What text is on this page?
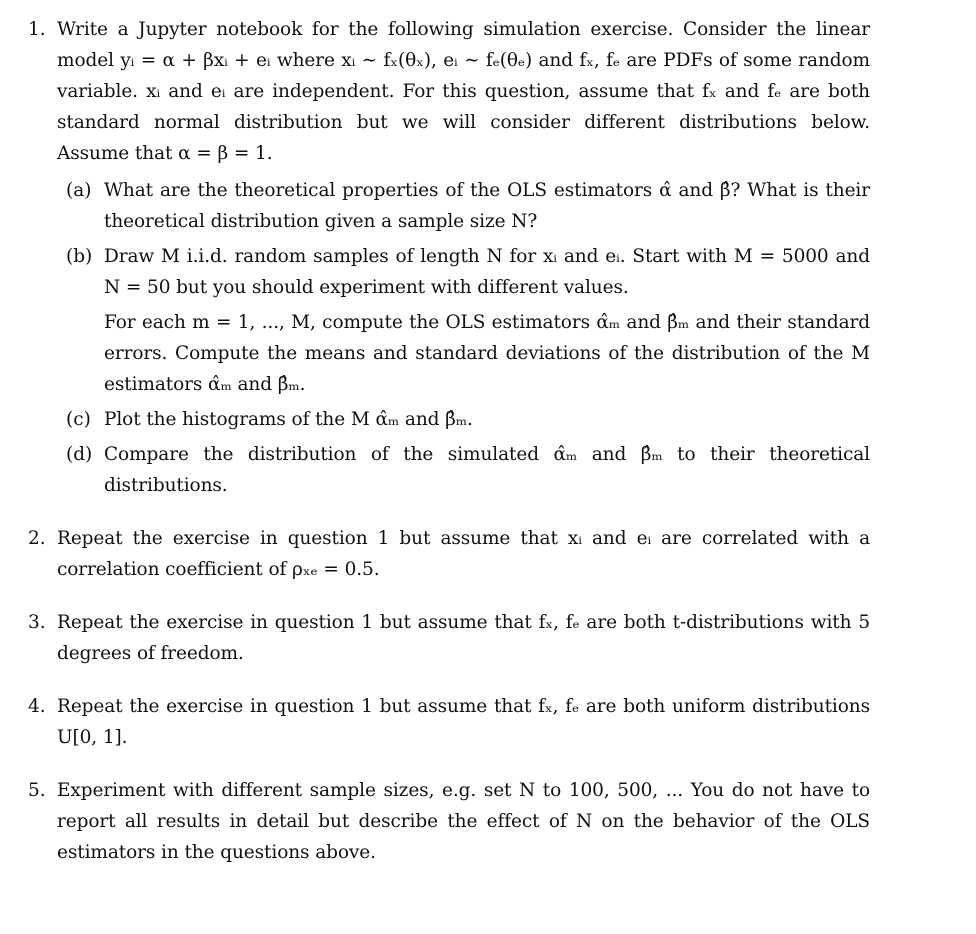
1. Write a Jupyter notebook for the following simulation exercise. Consider the linear model yᵢ = α + βxᵢ + eᵢ where xᵢ ∼ fₓ(θₓ), eᵢ ∼ fₑ(θₑ) and fₓ, fₑ are PDFs of some random variable. xᵢ and eᵢ are independent. For this question, assume that fₓ and fₑ are both standard normal distribution but we will consider different distributions below. Assume that α = β = 1.
(a) What are the theoretical properties of the OLS estimators α̂ and β̂? What is their theoretical distribution given a sample size N?

(b) Draw M i.i.d. random samples of length N for xᵢ and eᵢ. Start with M = 5000 and N = 50 but you should experiment with different values.

For each m = 1, ..., M, compute the OLS estimators α̂ₘ and β̂ₘ and their standard errors. Compute the means and standard deviations of the distribution of the M estimators α̂ₘ and β̂ₘ.

(c) Plot the histograms of the M α̂ₘ and β̂ₘ.

(d) Compare the distribution of the simulated α̂ₘ and β̂ₘ to their theoretical distributions.

2. Repeat the exercise in question 1 but assume that xᵢ and eᵢ are correlated with a correlation coefficient of ρₓₑ = 0.5.
3. Repeat the exercise in question 1 but assume that fₓ, fₑ are both t-distributions with 5 degrees of freedom.
4. Repeat the exercise in question 1 but assume that fₓ, fₑ are both uniform distributions U[0, 1].
5. Experiment with different sample sizes, e.g. set N to 100, 500, ... You do not have to report all results in detail but describe the effect of N on the behavior of the OLS estimators in the questions above.
